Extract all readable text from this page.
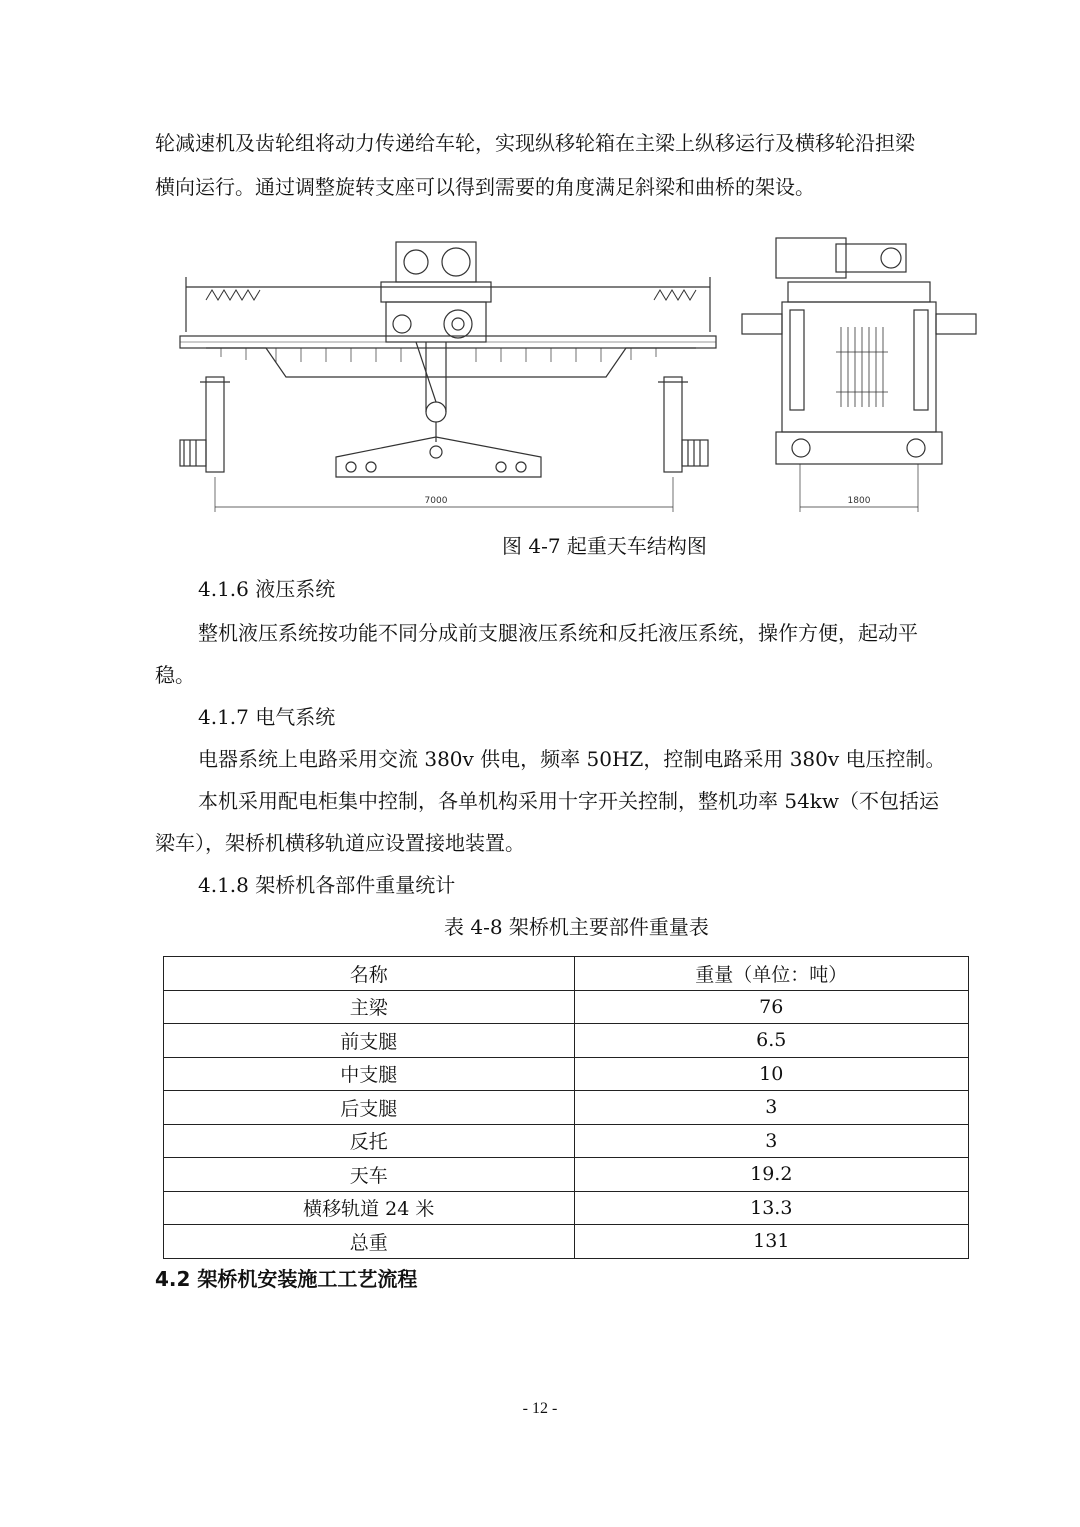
轮减速机及齿轮组将动力传递给车轮，实现纵移轮箱在主梁上纵移运行及横移轮沿担梁
横向运行。通过调整旋转支座可以得到需要的角度满足斜梁和曲桥的架设。
7000	1800
图 4-7 起重天车结构图
4.1.6 液压系统
整机液压系统按功能不同分成前支腿液压系统和反托液压系统，操作方便，起动平
稳。
4.1.7 电气系统
电器系统上电路采用交流 380v 供电，频率 50HZ，控制电路采用 380v 电压控制。
本机采用配电柜集中控制，各单机构采用十字开关控制，整机功率 54kw（不包括运
梁车），架桥机横移轨道应设置接地装置。
4.1.8 架桥机各部件重量统计
表 4-8 架桥机主要部件重量表
名称	重量（单位：吨）
主梁	76
前支腿	6.5
中支腿	10
后支腿	3
反托	3
天车	19.2
横移轨道 24 米	13.3
总重	131
4.2 架桥机安装施工工艺流程
- 12 -
